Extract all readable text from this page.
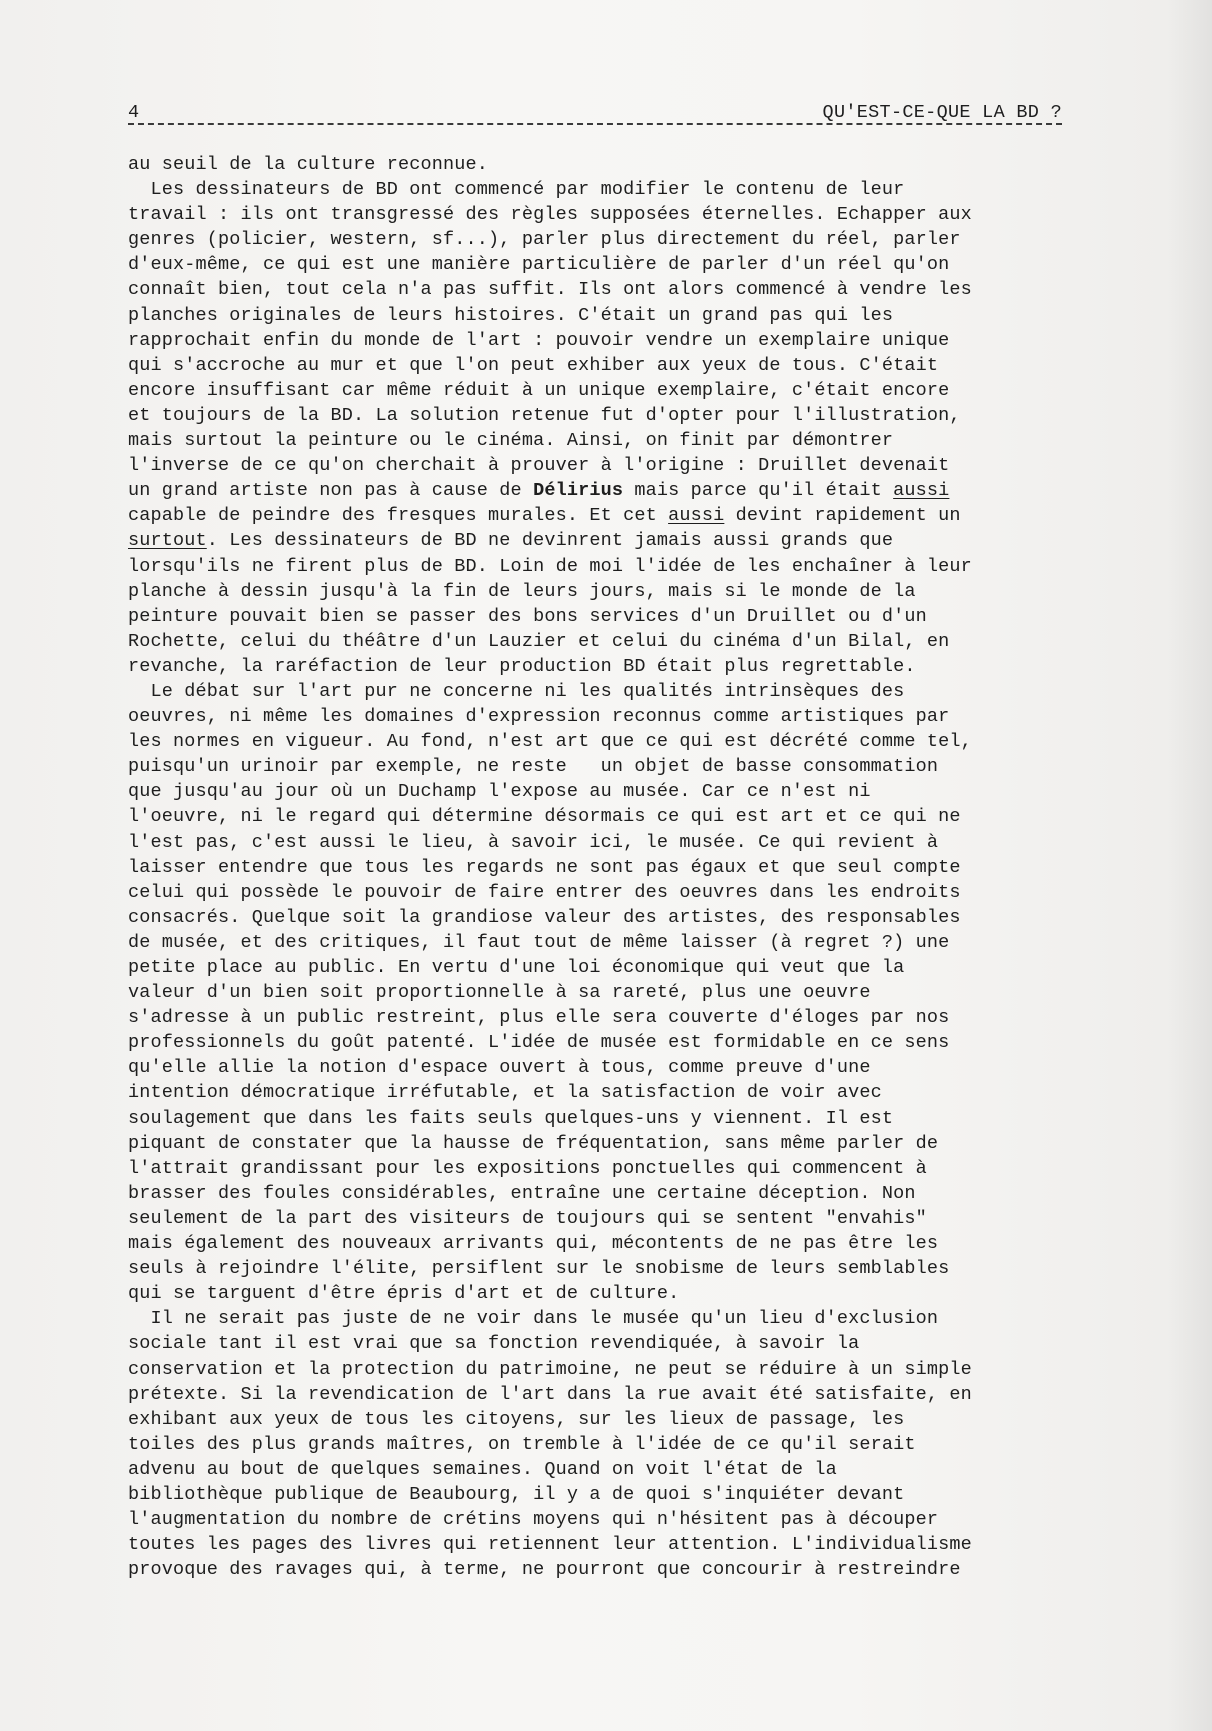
4	QU'EST-CE-QUE LA BD ?
au seuil de la culture reconnue.
Les dessinateurs de BD ont commencé par modifier le contenu de leur
travail : ils ont transgressé des règles supposées éternelles. Echapper aux
genres (policier, western, sf...), parler plus directement du réel, parler
d'eux-même, ce qui est une manière particulière de parler d'un réel qu'on
connaît bien, tout cela n'a pas suffit. Ils ont alors commencé à vendre les
planches originales de leurs histoires. C'était un grand pas qui les
rapprochait enfin du monde de l'art : pouvoir vendre un exemplaire unique
qui s'accroche au mur et que l'on peut exhiber aux yeux de tous. C'était
encore insuffisant car même réduit à un unique exemplaire, c'était encore
et toujours de la BD. La solution retenue fut d'opter pour l'illustration,
mais surtout la peinture ou le cinéma. Ainsi, on finit par démontrer
l'inverse de ce qu'on cherchait à prouver à l'origine : Druillet devenait
un grand artiste non pas à cause de Délirius mais parce qu'il était aussi
capable de peindre des fresques murales. Et cet aussi devint rapidement un
surtout. Les dessinateurs de BD ne devinrent jamais aussi grands que
lorsqu'ils ne firent plus de BD. Loin de moi l'idée de les enchaîner à leur
planche à dessin jusqu'à la fin de leurs jours, mais si le monde de la
peinture pouvait bien se passer des bons services d'un Druillet ou d'un
Rochette, celui du théâtre d'un Lauzier et celui du cinéma d'un Bilal, en
revanche, la raréfaction de leur production BD était plus regrettable.
Le débat sur l'art pur ne concerne ni les qualités intrinsèques des
oeuvres, ni même les domaines d'expression reconnus comme artistiques par
les normes en vigueur. Au fond, n'est art que ce qui est décrété comme tel,
puisqu'un urinoir par exemple, ne reste   un objet de basse consommation
que jusqu'au jour où un Duchamp l'expose au musée. Car ce n'est ni
l'oeuvre, ni le regard qui détermine désormais ce qui est art et ce qui ne
l'est pas, c'est aussi le lieu, à savoir ici, le musée. Ce qui revient à
laisser entendre que tous les regards ne sont pas égaux et que seul compte
celui qui possède le pouvoir de faire entrer des oeuvres dans les endroits
consacrés. Quelque soit la grandiose valeur des artistes, des responsables
de musée, et des critiques, il faut tout de même laisser (à regret ?) une
petite place au public. En vertu d'une loi économique qui veut que la
valeur d'un bien soit proportionnelle à sa rareté, plus une oeuvre
s'adresse à un public restreint, plus elle sera couverte d'éloges par nos
professionnels du goût patenté. L'idée de musée est formidable en ce sens
qu'elle allie la notion d'espace ouvert à tous, comme preuve d'une
intention démocratique irréfutable, et la satisfaction de voir avec
soulagement que dans les faits seuls quelques-uns y viennent. Il est
piquant de constater que la hausse de fréquentation, sans même parler de
l'attrait grandissant pour les expositions ponctuelles qui commencent à
brasser des foules considérables, entraîne une certaine déception. Non
seulement de la part des visiteurs de toujours qui se sentent "envahis"
mais également des nouveaux arrivants qui, mécontents de ne pas être les
seuls à rejoindre l'élite, persiflent sur le snobisme de leurs semblables
qui se targuent d'être épris d'art et de culture.
Il ne serait pas juste de ne voir dans le musée qu'un lieu d'exclusion
sociale tant il est vrai que sa fonction revendiquée, à savoir la
conservation et la protection du patrimoine, ne peut se réduire à un simple
prétexte. Si la revendication de l'art dans la rue avait été satisfaite, en
exhibant aux yeux de tous les citoyens, sur les lieux de passage, les
toiles des plus grands maîtres, on tremble à l'idée de ce qu'il serait
advenu au bout de quelques semaines. Quand on voit l'état de la
bibliothèque publique de Beaubourg, il y a de quoi s'inquiéter devant
l'augmentation du nombre de crétins moyens qui n'hésitent pas à découper
toutes les pages des livres qui retiennent leur attention. L'individualisme
provoque des ravages qui, à terme, ne pourront que concourir à restreindre
